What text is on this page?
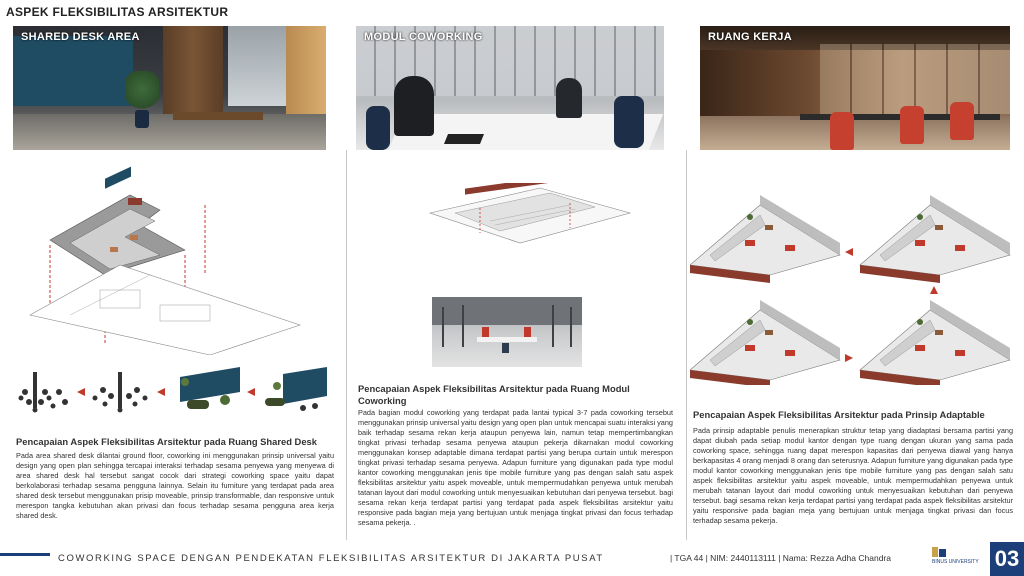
ASPEK FLEKSIBILITAS ARSITEKTUR
SHARED DESK AREA	MODUL COWORKING	RUANG KERJA
Pencapaian Aspek Fleksibilitas Arsitektur pada Ruang Shared Desk
Pada area shared desk dilantai ground floor, coworking ini menggunakan prinsip universal yaitu design yang open plan sehingga tercapai interaksi terhadap sesama penyewa yang menyewa di area shared desk hal tersebut sangat cocok dari strategi coworking space yaitu dapat berkolaborasi terhadap sesama pengguna lainnya. Selain itu furniture yang terdapat pada area shared desk tersebut menggunakan prisip moveable, prinsip transformable, dan responsive untuk merespon tangka kebutuhan akan privasi dan focus terhadap sesama pengguna area kerja shared desk.
Pencapaian Aspek Fleksibilitas Arsitektur pada Ruang Modul Coworking
Pada bagian modul coworking yang terdapat pada lantai typical 3-7 pada coworking tersebut menggunakan prinsip universal yaitu design yang open plan untuk mencapai suatu interaksi yang baik terhadap sesama rekan kerja ataupun penyewa lain, namun tetap mempertimbangkan tingkat privasi terhadap sesama penyewa ataupun pekerja dikarnakan modul coworking menggunakan konsep adaptable dimana terdapat partisi yang berupa curtain untuk merespon tingkat privasi terhadap sesama penyewa. Adapun furniture yang digunakan pada type modul kantor coworking menggunakan jenis tipe mobile furniture yang pas dengan salah satu aspek fleksibilitas arsitektur yaitu aspek moveable, untuk mempermudahkan penyewa untuk merubah tatanan layout dari modul coworking untuk menyesuaikan kebutuhan dari penyewa tersebut. bagi sesama rekan kerja terdapat partisi yang terdapat pada aspek fleksibilitas arsitektur yaitu responsive pada bagian meja yang bertujuan untuk menjaga tingkat privasi dan focus terhadap sesama pekerja. .
Pencapaian Aspek Fleksibilitas Arsitektur pada Prinsip Adaptable
Pada prinsip adaptable penulis menerapkan struktur tetap yang diadaptasi bersama partisi yang dapat diubah pada setiap modul kantor dengan type ruang dengan ukuran yang sama pada coworking space, sehingga ruang dapat merespon kapasitas dari penyewa diawal yang hanya berkapasitas 4 orang menjadi 8 orang dan seterusnya. Adapun furniture yang digunakan pada type modul kantor coworking menggunakan jenis tipe mobile furniture yang pas dengan salah satu aspek fleksibilitas arsitektur yaitu aspek moveable, untuk mempermudahkan penyewa untuk merubah tatanan layout dari modul coworking untuk menyesuaikan kebutuhan dari penyewa tersebut. bagi sesama rekan kerja terdapat partisi yang terdapat pada aspek fleksibilitas arsitektur yaitu responsive pada bagian meja yang bertujuan untuk menjaga tingkat privasi dan focus terhadap sesama pekerja.
COWORKING SPACE DENGAN PENDEKATAN FLEKSIBILITAS ARSITEKTUR DI JAKARTA PUSAT	| TGA 44 | NIM: 2440113111 | Nama: Rezza Adha Chandra	BINUS UNIVERSITY 03
